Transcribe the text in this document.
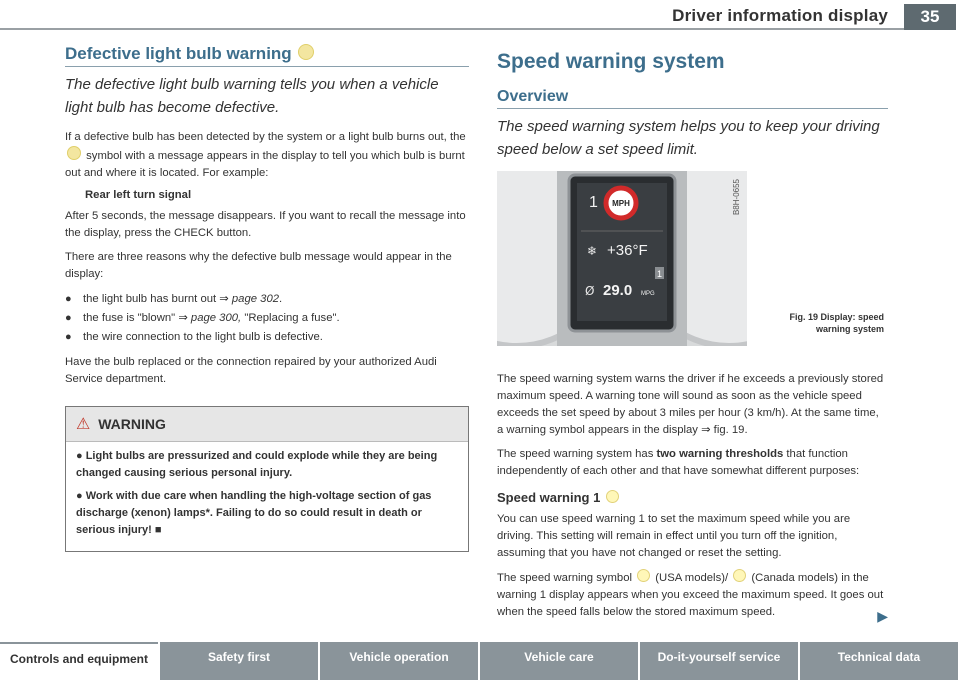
Driver information display	35
Defective light bulb warning
The defective light bulb warning tells you when a vehicle light bulb has become defective.

If a defective bulb has been detected by the system or a light bulb burns out, the  symbol with a message appears in the display to tell you which bulb is burnt out and where it is located. For example:

Rear left turn signal

After 5 seconds, the message disappears. If you want to recall the message into the display, press the CHECK button.

There are three reasons why the defective bulb message would appear in the display:

● the light bulb has burnt out ⇒ page 302.
● the fuse is "blown" ⇒ page 300, "Replacing a fuse".
● the wire connection to the light bulb is defective.

Have the bulb replaced or the connection repaired by your authorized Audi Service department.

⚠ WARNING

● Light bulbs are pressurized and could explode while they are being changed causing serious personal injury.

● Work with due care when handling the high-voltage section of gas discharge (xenon) lamps*. Failing to do so could result in death or serious injury! ■

Speed warning system
Overview
The speed warning system helps you to keep your driving speed below a set speed limit.
1 MPH
❄ +36°F
1
Ø 29.0 MPG
B8H-0655
Fig. 19 Display: speed warning system

The speed warning system warns the driver if he exceeds a previously stored maximum speed. A warning tone will sound as soon as the vehicle speed exceeds the set speed by about 3 miles per hour (3 km/h). At the same time, a warning symbol appears in the display ⇒ fig. 19.

The speed warning system has two warning thresholds that function independently of each other and that have somewhat different purposes:

Speed warning 1

You can use speed warning 1 to set the maximum speed while you are driving. This setting will remain in effect until you turn off the ignition, assuming that you have not changed or reset the setting.

The speed warning symbol (USA models)/ (Canada models) in the warning 1 display appears when you exceed the maximum speed. It goes out when the speed falls below the stored maximum speed.	▶

Controls and equipment	Safety first	Vehicle operation	Vehicle care	Do-it-yourself service	Technical data
